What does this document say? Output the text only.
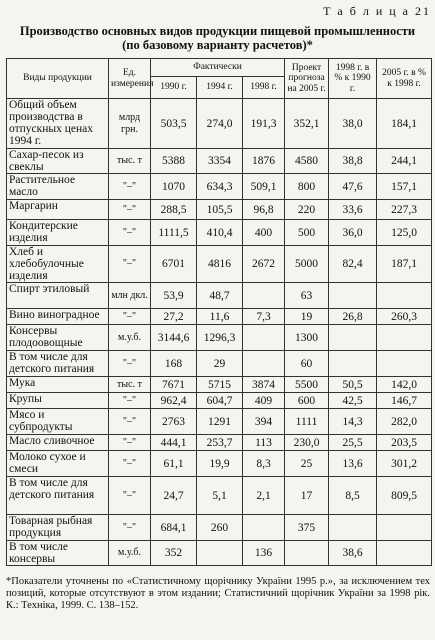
Т а б л и ц а 21
Производство основных видов продукции пищевой промышленности
(по базовому варианту расчетов)*
Виды продукции	Ед. измерения	Фактически			Проект прогноза на 2005 г.	1998 г. в % к 1990 г.	2005 г. в % к 1998 г.
		1990 г.	1994 г.	1998 г.			
Общий объем производства в отпускных ценах 1994 г.	млрд грн.	503,5	274,0	191,3	352,1	38,0	184,1
Сахар-песок из свеклы	тыс. т	5388	3354	1876	4580	38,8	244,1
Растительное масло	"–"	1070	634,3	509,1	800	47,6	157,1
Маргарин	"–"	288,5	105,5	96,8	220	33,6	227,3
Кондитерские изделия	"–"	1111,5	410,4	400	500	36,0	125,0
Хлеб и хлебобулочные изделия	"–"	6701	4816	2672	5000	82,4	187,1
Спирт этиловый	млн дкл.	53,9	48,7		63		
Вино виноградное	"–"	27,2	11,6	7,3	19	26,8	260,3
Консервы плодоовощные	м.у.б.	3144,6	1296,3		1300		
В том числе для детского питания	"–"	168	29		60		
Мука	тыс. т	7671	5715	3874	5500	50,5	142,0
Крупы	"–"	962,4	604,7	409	600	42,5	146,7
Мясо и субпродукты	"–"	2763	1291	394	1111	14,3	282,0
Масло сливочное	"–"	444,1	253,7	113	230,0	25,5	203,5
Молоко сухое и смеси	"–"	61,1	19,9	8,3	25	13,6	301,2
В том числе для детского питания	"–"	24,7	5,1	2,1	17	8,5	809,5
Товарная рыбная продукция	"–"	684,1	260		375		
В том числе консервы	м.у.б.	352		136		38,6	
*Показатели уточнены по «Статистичному щорічнику України 1995 р.», за исключением тех позиций, которые отсутствуют в этом издании; Статистичний щорічник України за 1998 рік. К.: Техніка, 1999. С. 138–152.
